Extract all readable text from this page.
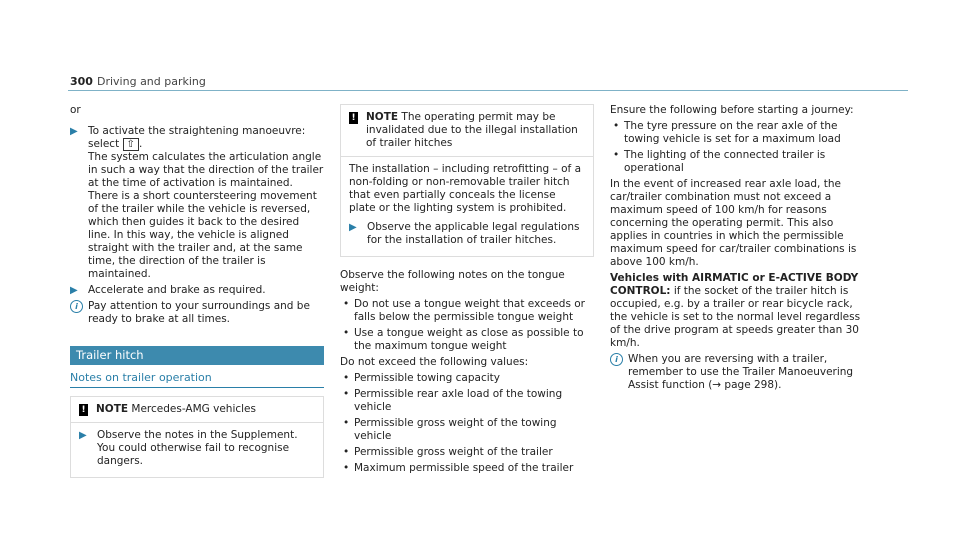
300 Driving and parking

or

▶ To activate the straightening manoeuvre: select ⇧ .
The system calculates the articulation angle in such a way that the direction of the trailer at the time of activation is maintained. There is a short countersteering movement of the trailer while the vehicle is reversed, which then guides it back to the desired line. In this way, the vehicle is aligned straight with the trailer and, at the same time, the direction of the trailer is maintained.
▶ Accelerate and brake as required.
i Pay attention to your surroundings and be ready to brake at all times.
Trailer hitch
Notes on trailer operation
! NOTE Mercedes-AMG vehicles
▶ Observe the notes in the Supplement. You could otherwise fail to recognise dangers.
! NOTE The operating permit may be invalidated due to the illegal installation of trailer hitches

The installation – including retrofitting – of a non-folding or non-removable trailer hitch that even partially conceals the license plate or the lighting system is prohibited.

▶ Observe the applicable legal regulations for the installation of trailer hitches.

Observe the following notes on the tongue weight:

• Do not use a tongue weight that exceeds or falls below the permissible tongue weight
• Use a tongue weight as close as possible to the maximum tongue weight

Do not exceed the following values:

• Permissible towing capacity
• Permissible rear axle load of the towing vehicle
• Permissible gross weight of the towing vehicle
• Permissible gross weight of the trailer
• Maximum permissible speed of the trailer

Ensure the following before starting a journey:

• The tyre pressure on the rear axle of the towing vehicle is set for a maximum load
• The lighting of the connected trailer is operational

In the event of increased rear axle load, the car/trailer combination must not exceed a maximum speed of 100 km/h for reasons concerning the operating permit. This also applies in countries in which the permissible maximum speed for car/trailer combinations is above 100 km/h.

Vehicles with AIRMATIC or E-ACTIVE BODY CONTROL: if the socket of the trailer hitch is occupied, e.g. by a trailer or rear bicycle rack, the vehicle is set to the normal level regardless of the drive program at speeds greater than 30 km/h.

i When you are reversing with a trailer, remember to use the Trailer Manoeuvering Assist function (→ page 298).
